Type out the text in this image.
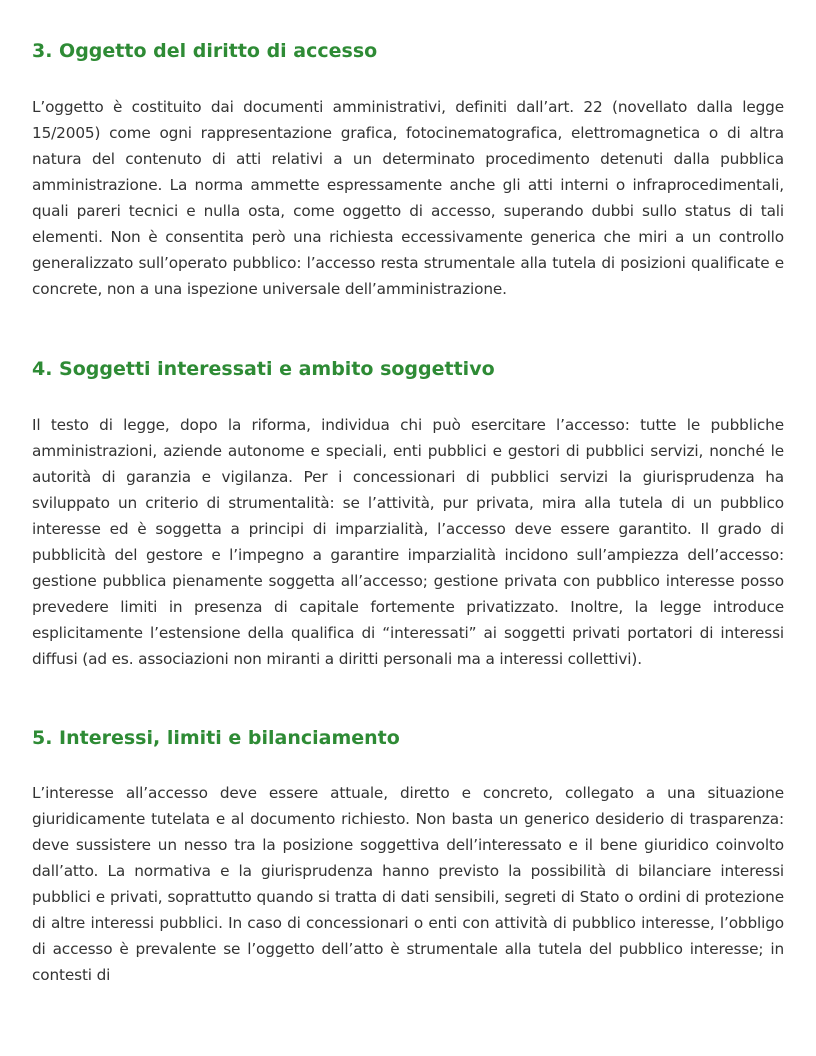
3. Oggetto del diritto di accesso

L’oggetto è costituito dai documenti amministrativi, definiti dall’art. 22 (novellato dalla legge 15/2005) come ogni rappresentazione grafica, fotocinematografica, elettromagnetica o di altra natura del contenuto di atti relativi a un determinato procedimento detenuti dalla pubblica amministrazione. La norma ammette espressamente anche gli atti interni o infraprocedimentali, quali pareri tecnici e nulla osta, come oggetto di accesso, superando dubbi sullo status di tali elementi. Non è consentita però una richiesta eccessivamente generica che miri a un controllo generalizzato sull’operato pubblico: l’accesso resta strumentale alla tutela di posizioni qualificate e concrete, non a una ispezione universale dell’amministrazione.

4. Soggetti interessati e ambito soggettivo

Il testo di legge, dopo la riforma, individua chi può esercitare l’accesso: tutte le pubbliche amministrazioni, aziende autonome e speciali, enti pubblici e gestori di pubblici servizi, nonché le autorità di garanzia e vigilanza. Per i concessionari di pubblici servizi la giurisprudenza ha sviluppato un criterio di strumentalità: se l’attività, pur privata, mira alla tutela di un pubblico interesse ed è soggetta a principi di imparzialità, l’accesso deve essere garantito. Il grado di pubblicità del gestore e l’impegno a garantire imparzialità incidono sull’ampiezza dell’accesso: gestione pubblica pienamente soggetta all’accesso; gestione privata con pubblico interesse posso prevedere limiti in presenza di capitale fortemente privatizzato. Inoltre, la legge introduce esplicitamente l’estensione della qualifica di “interessati” ai soggetti privati portatori di interessi diffusi (ad es. associazioni non miranti a diritti personali ma a interessi collettivi).

5. Interessi, limiti e bilanciamento

L’interesse all’accesso deve essere attuale, diretto e concreto, collegato a una situazione giuridicamente tutelata e al documento richiesto. Non basta un generico desiderio di trasparenza: deve sussistere un nesso tra la posizione soggettiva dell’interessato e il bene giuridico coinvolto dall’atto. La normativa e la giurisprudenza hanno previsto la possibilità di bilanciare interessi pubblici e privati, soprattutto quando si tratta di dati sensibili, segreti di Stato o ordini di protezione di altre interessi pubblici. In caso di concessionari o enti con attività di pubblico interesse, l’obbligo di accesso è prevalente se l’oggetto dell’atto è strumentale alla tutela del pubblico interesse; in contesti di
